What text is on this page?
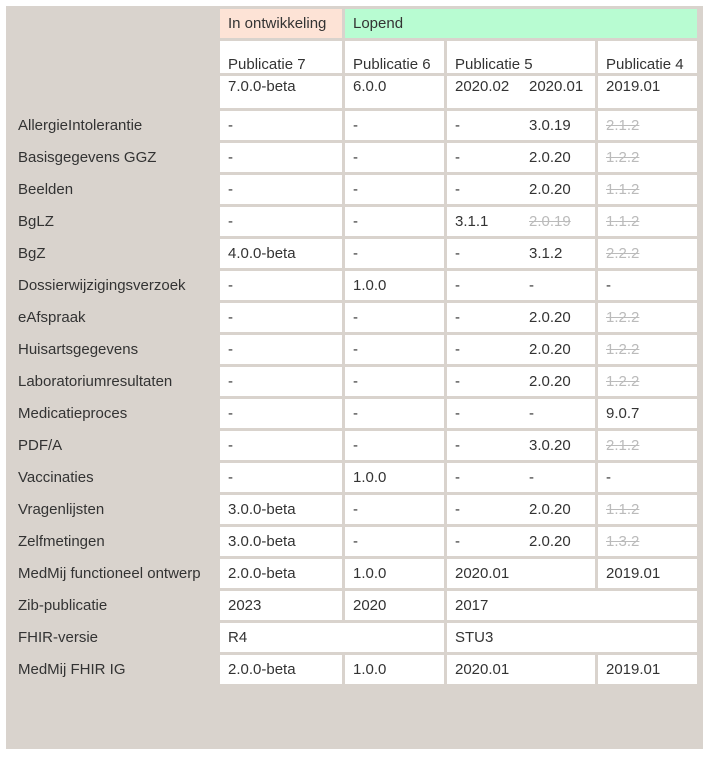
	In ontwikkeling	Lopend		
	Publicatie 7	Publicatie 6	Publicatie 5	Publicatie 4
	7.0.0-beta	6.0.0	2020.02 2020.01	2019.01
AllergieIntolerantie	-	-	- 3.0.19	2.1.2
Basisgegevens GGZ	-	-	- 2.0.20	1.2.2
Beelden	-	-	- 2.0.20	1.1.2
BgLZ	-	-	3.1.1 2.0.19	1.1.2
BgZ	4.0.0-beta	-	- 3.1.2	2.2.2
Dossierwijzigingsverzoek	-	1.0.0	- -	-
eAfspraak	-	-	- 2.0.20	1.2.2
Huisartsgegevens	-	-	- 2.0.20	1.2.2
Laboratoriumresultaten	-	-	- 2.0.20	1.2.2
Medicatieproces	-	-	- -	9.0.7
PDF/A	-	-	- 3.0.20	2.1.2
Vaccinaties	-	1.0.0	- -	-
Vragenlijsten	3.0.0-beta	-	- 2.0.20	1.1.2
Zelfmetingen	3.0.0-beta	-	- 2.0.20	1.3.2
MedMij functioneel ontwerp	2.0.0-beta	1.0.0	2020.01	2019.01
Zib-publicatie	2023	2020	2017	
FHIR-versie	R4		STU3	
MedMij FHIR IG	2.0.0-beta	1.0.0	2020.01	2019.01
